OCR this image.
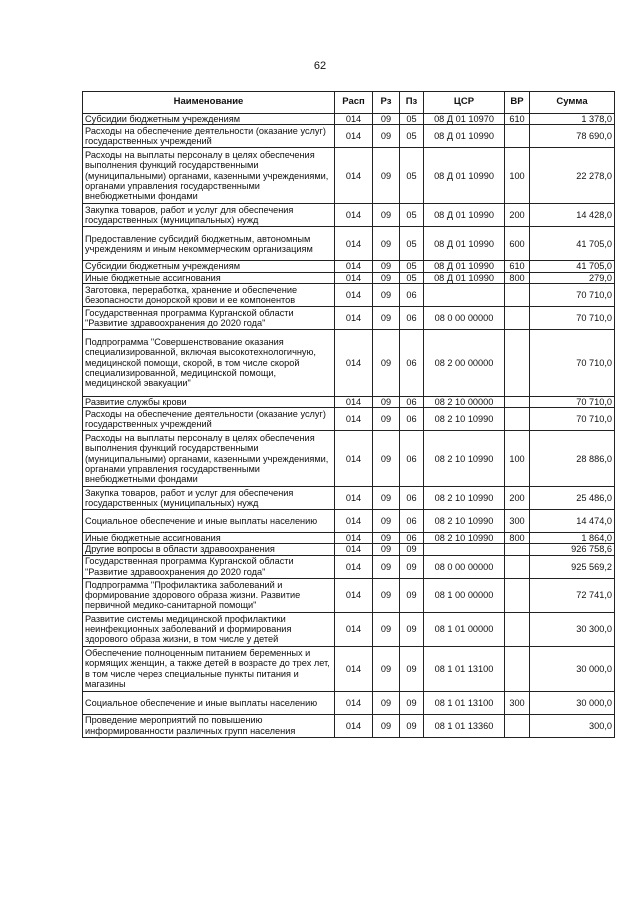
62
Наименование	Расп	Рз	Пз	ЦСР	ВР	Сумма
Субсидии бюджетным учреждениям	014	09	05	08 Д 01 10970	610	1 378,0
Расходы на обеспечение деятельности (оказание услуг) государственных учреждений	014	09	05	08 Д 01 10990		78 690,0
Расходы на выплаты персоналу в целях обеспечения выполнения функций государственными (муниципальными) органами, казенными учреждениями, органами управления государственными внебюджетными фондами	014	09	05	08 Д 01 10990	100	22 278,0
Закупка товаров, работ и услуг для обеспечения государственных (муниципальных) нужд	014	09	05	08 Д 01 10990	200	14 428,0
Предоставление субсидий бюджетным, автономным учреждениям и иным некоммерческим организациям	014	09	05	08 Д 01 10990	600	41 705,0
Субсидии бюджетным учреждениям	014	09	05	08 Д 01 10990	610	41 705,0
Иные бюджетные ассигнования	014	09	05	08 Д 01 10990	800	279,0
Заготовка, переработка, хранение и обеспечение безопасности донорской крови и ее компонентов	014	09	06			70 710,0
Государственная программа Курганской области "Развитие здравоохранения до 2020 года"	014	09	06	08 0 00 00000		70 710,0
Подпрограмма "Совершенствование оказания специализированной, включая высокотехнологичную, медицинской помощи, скорой, в том числе скорой специализированной, медицинской помощи, медицинской эвакуации"	014	09	06	08 2 00 00000		70 710,0
Развитие службы крови	014	09	06	08 2 10 00000		70 710,0
Расходы на обеспечение деятельности (оказание услуг) государственных учреждений	014	09	06	08 2 10 10990		70 710,0
Расходы на выплаты персоналу в целях обеспечения выполнения функций государственными (муниципальными) органами, казенными учреждениями, органами управления государственными внебюджетными фондами	014	09	06	08 2 10 10990	100	28 886,0
Закупка товаров, работ и услуг для обеспечения государственных (муниципальных) нужд	014	09	06	08 2 10 10990	200	25 486,0
Социальное обеспечение и иные выплаты населению	014	09	06	08 2 10 10990	300	14 474,0
Иные бюджетные ассигнования	014	09	06	08 2 10 10990	800	1 864,0
Другие вопросы в области здравоохранения	014	09	09			926 758,6
Государственная программа Курганской области "Развитие здравоохранения до 2020 года"	014	09	09	08 0 00 00000		925 569,2
Подпрограмма "Профилактика заболеваний и формирование здорового образа жизни. Развитие первичной медико-санитарной помощи"	014	09	09	08 1 00 00000		72 741,0
Развитие системы медицинской профилактики неинфекционных заболеваний и формирования здорового образа жизни, в том числе у детей	014	09	09	08 1 01 00000		30 300,0
Обеспечение полноценным питанием беременных и кормящих женщин, а также детей в возрасте до трех лет, в том числе через специальные пункты питания и магазины	014	09	09	08 1 01 13100		30 000,0
Социальное обеспечение и иные выплаты населению	014	09	09	08 1 01 13100	300	30 000,0
Проведение мероприятий по повышению информированности различных групп населения	014	09	09	08 1 01 13360		300,0
